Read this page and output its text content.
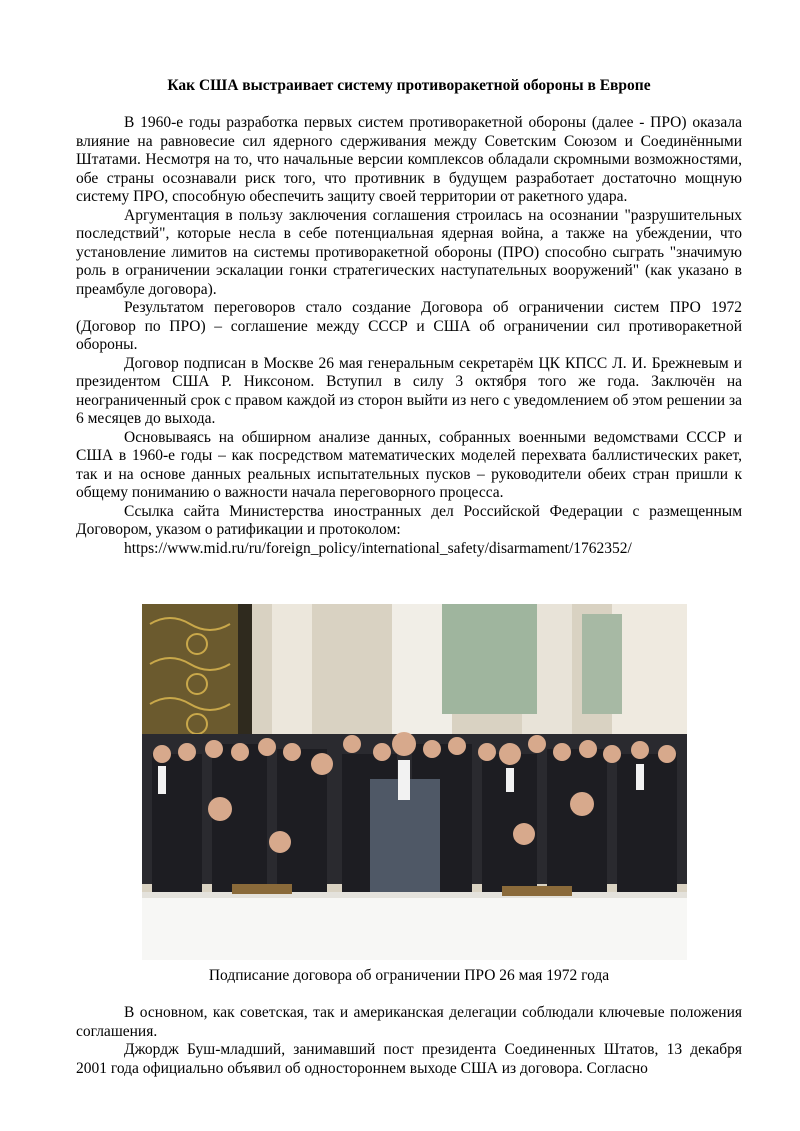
Как США выстраивает систему противоракетной обороны в Европе

В 1960-е годы разработка первых систем противоракетной обороны (далее - ПРО) оказала влияние на равновесие сил ядерного сдерживания между Советским Союзом и Соединёнными Штатами. Несмотря на то, что начальные версии комплексов обладали скромными возможностями, обе страны осознавали риск того, что противник в будущем разработает достаточно мощную систему ПРО, способную обеспечить защиту своей территории от ракетного удара.

Аргументация в пользу заключения соглашения строилась на осознании "разрушительных последствий", которые несла в себе потенциальная ядерная война, а также на убеждении, что установление лимитов на системы противоракетной обороны (ПРО) способно сыграть "значимую роль в ограничении эскалации гонки стратегических наступательных вооружений" (как указано в преамбуле договора).

Результатом переговоров стало создание Договора об ограничении систем ПРО 1972 (Договор по ПРО) – соглашение между СССР и США об ограничении сил противоракетной обороны.

Договор подписан в Москве 26 мая генеральным секретарём ЦК КПСС Л. И. Брежневым и президентом США Р. Никсоном. Вступил в силу 3 октября того же года. Заключён на неограниченный срок с правом каждой из сторон выйти из него с уведомлением об этом решении за 6 месяцев до выхода.

Основываясь на обширном анализе данных, собранных военными ведомствами СССР и США в 1960-е годы – как посредством математических моделей перехвата баллистических ракет, так и на основе данных реальных испытательных пусков – руководители обеих стран пришли к общему пониманию о важности начала переговорного процесса.

Ссылка сайта Министерства иностранных дел Российской Федерации с размещенным Договором, указом о ратификации и протоколом:

https://www.mid.ru/ru/foreign_policy/international_safety/disarmament/1762352/

Подписание договора об ограничении ПРО 26 мая 1972 года

В основном, как советская, так и американская делегации соблюдали ключевые положения соглашения.

Джордж Буш-младший, занимавший пост президента Соединенных Штатов, 13 декабря 2001 года официально объявил об одностороннем выходе США из договора. Согласно
